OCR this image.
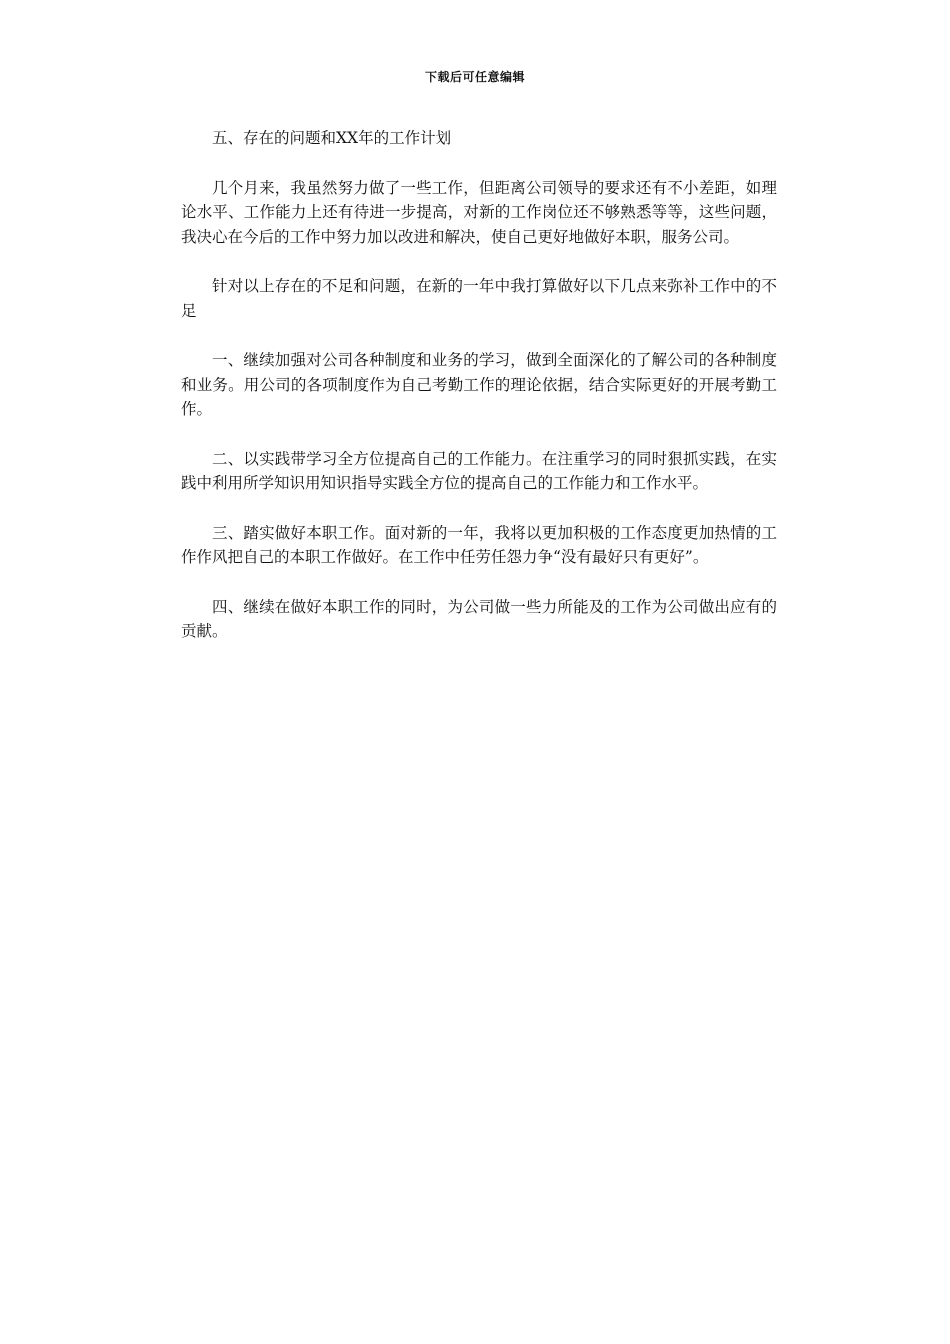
下载后可任意编辑

五、存在的问题和XX年的工作计划

几个月来，我虽然努力做了一些工作，但距离公司领导的要求还有不小差距，如理论水平、工作能力上还有待进一步提高，对新的工作岗位还不够熟悉等等，这些问题，我决心在今后的工作中努力加以改进和解决，使自己更好地做好本职，服务公司。

针对以上存在的不足和问题，在新的一年中我打算做好以下几点来弥补工作中的不足

一、继续加强对公司各种制度和业务的学习，做到全面深化的了解公司的各种制度和业务。用公司的各项制度作为自己考勤工作的理论依据，结合实际更好的开展考勤工作。

二、以实践带学习全方位提高自己的工作能力。在注重学习的同时狠抓实践，在实践中利用所学知识用知识指导实践全方位的提高自己的工作能力和工作水平。

三、踏实做好本职工作。面对新的一年，我将以更加积极的工作态度更加热情的工作作风把自己的本职工作做好。在工作中任劳任怨力争“没有最好只有更好”。

四、继续在做好本职工作的同时，为公司做一些力所能及的工作为公司做出应有的贡献。
